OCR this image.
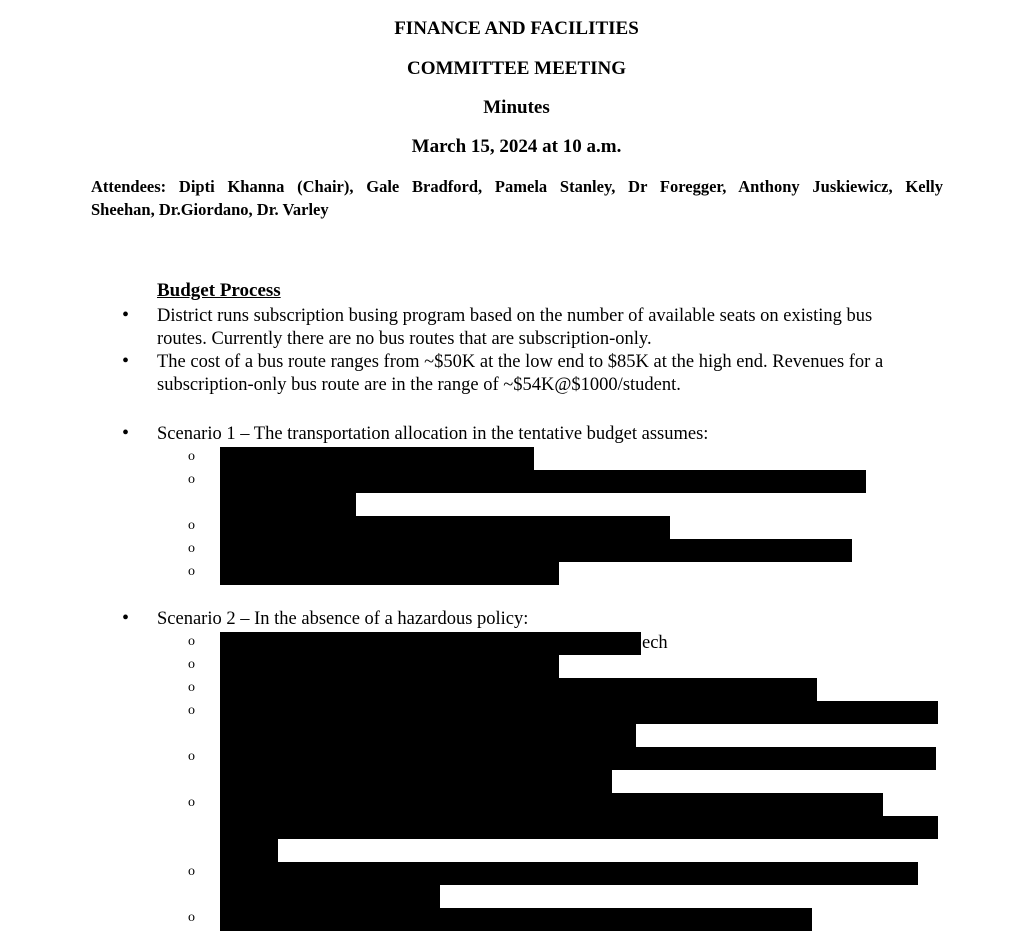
FINANCE AND FACILITIES
COMMITTEE MEETING
Minutes
March 15, 2024 at 10 a.m.
Attendees: Dipti Khanna (Chair), Gale Bradford, Pamela Stanley, Dr Foregger, Anthony Juskiewicz, Kelly
Sheehan, Dr.Giordano, Dr. Varley
Budget Process
• District runs subscription busing program based on the number of available seats on existing bus
routes. Currently there are no bus routes that are subscription-only.
• The cost of a bus route ranges from ~$50K at the low end to $85K at the high end. Revenues for a
subscription-only bus route are in the range of ~$54K@$1000/student.
• Scenario 1 – The transportation allocation in the tentative budget assumes:
o
o
o
o
o
• Scenario 2 – In the absence of a hazardous policy:
o
o
o
o
o
o
o
o
ech
